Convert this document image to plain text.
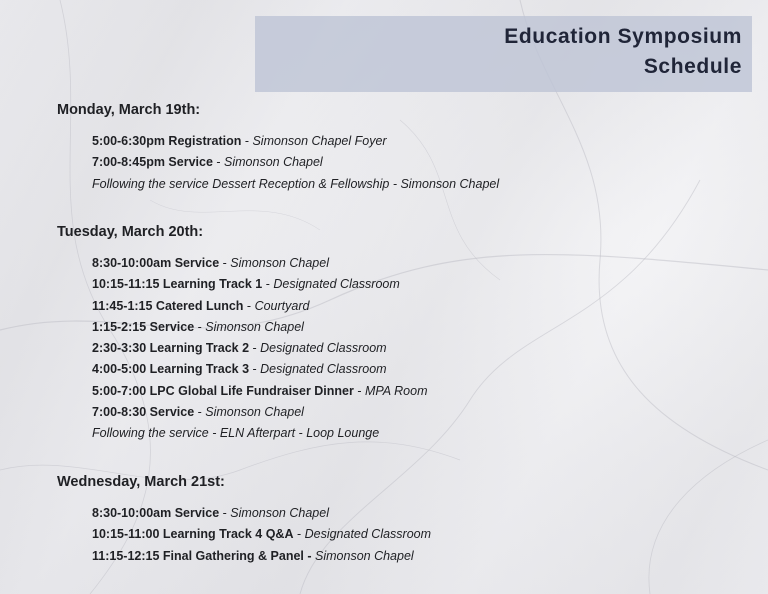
Education Symposium
Schedule
Monday, March 19th:
5:00-6:30pm Registration - Simonson Chapel Foyer
7:00-8:45pm Service - Simonson Chapel
Following the service Dessert Reception & Fellowship - Simonson Chapel
Tuesday, March 20th:
8:30-10:00am Service - Simonson Chapel
10:15-11:15 Learning Track 1 - Designated Classroom
11:45-1:15 Catered Lunch - Courtyard
1:15-2:15 Service - Simonson Chapel
2:30-3:30 Learning Track 2 - Designated Classroom
4:00-5:00 Learning Track 3 - Designated Classroom
5:00-7:00 LPC Global Life Fundraiser Dinner - MPA Room
7:00-8:30 Service - Simonson Chapel
Following the service - ELN Afterpart - Loop Lounge
Wednesday, March 21st:
8:30-10:00am Service - Simonson Chapel
10:15-11:00 Learning Track 4 Q&A - Designated Classroom
11:15-12:15 Final Gathering & Panel - Simonson Chapel
